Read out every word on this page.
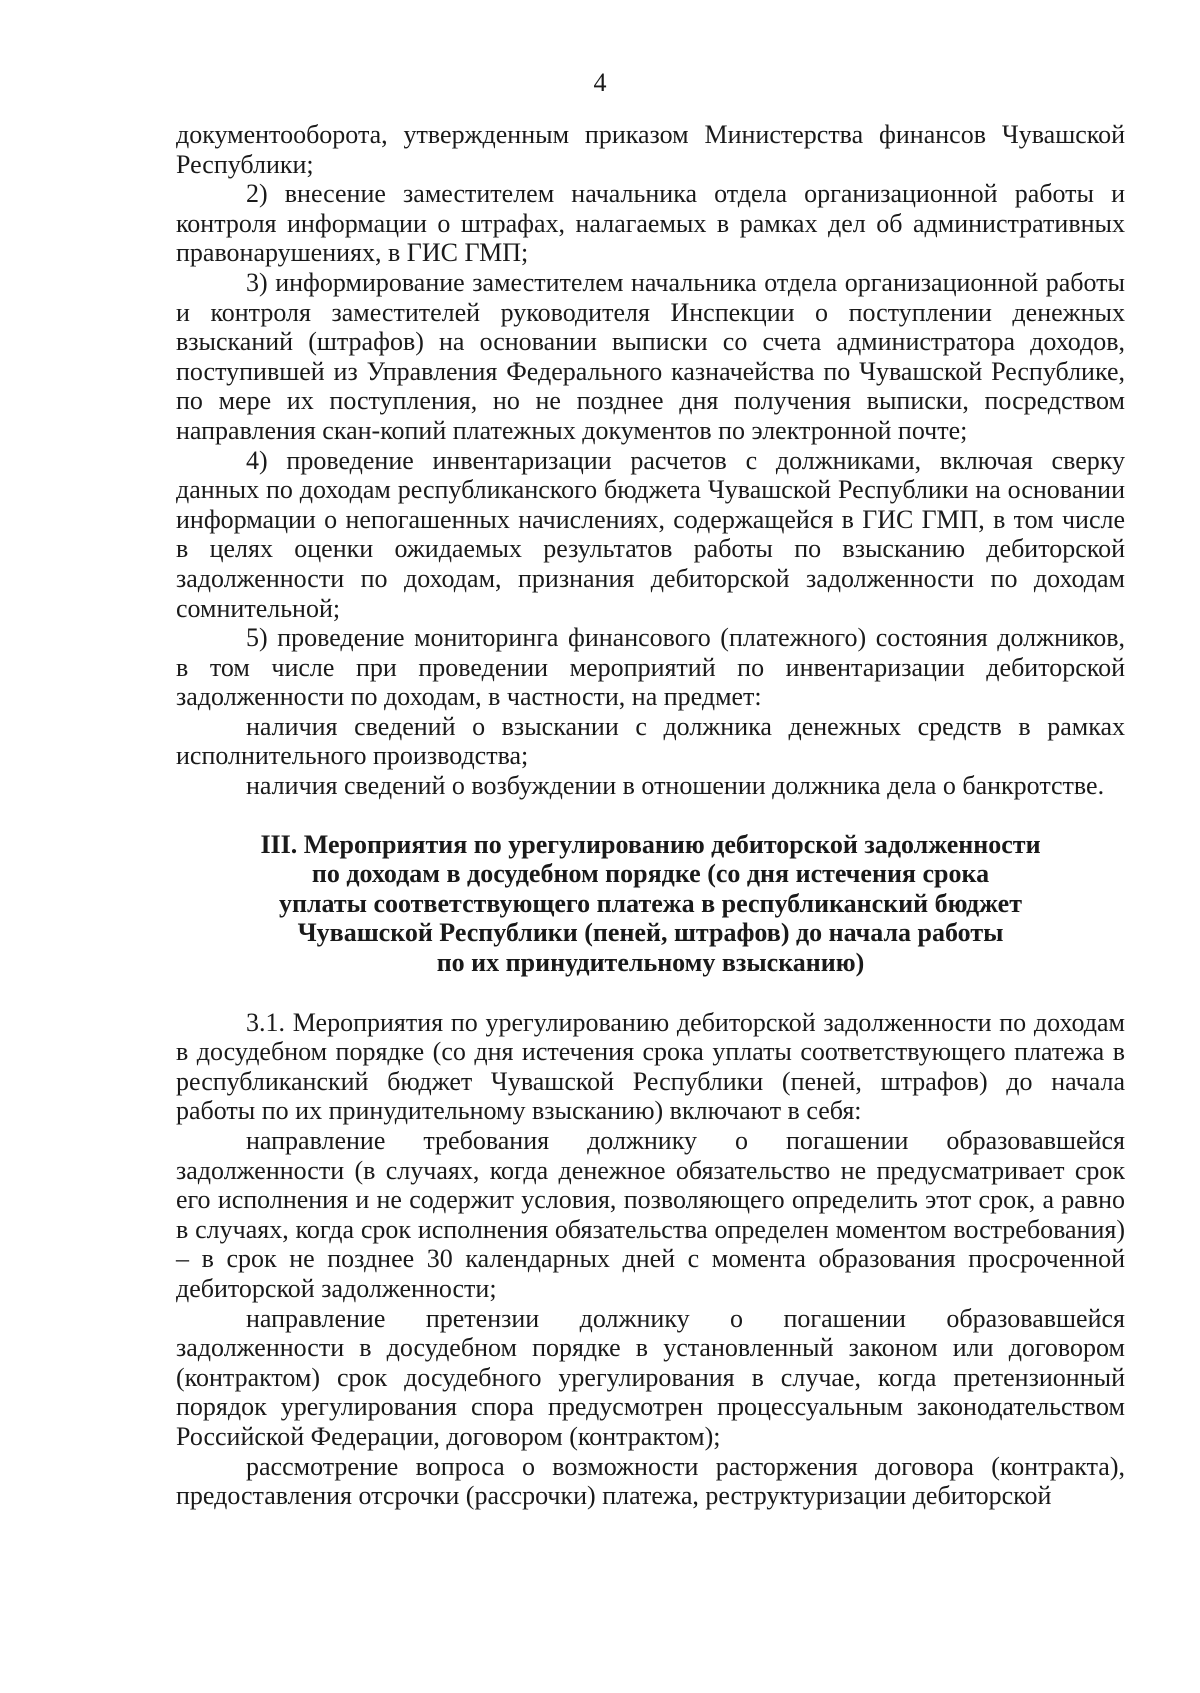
4

документооборота, утвержденным приказом Министерства финансов Чувашской Республики;

2) внесение заместителем начальника отдела организационной работы и контроля информации о штрафах, налагаемых в рамках дел об административных правонарушениях, в ГИС ГМП;

3) информирование заместителем начальника отдела организационной работы и контроля заместителей руководителя Инспекции о поступлении денежных взысканий (штрафов) на основании выписки со счета администратора доходов, поступившей из Управления Федерального казначейства по Чувашской Республике, по мере их поступления, но не позднее дня получения выписки, посредством направления скан-копий платежных документов по электронной почте;

4) проведение инвентаризации расчетов с должниками, включая сверку данных по доходам республиканского бюджета Чувашской Республики на основании информации о непогашенных начислениях, содержащейся в ГИС ГМП, в том числе в целях оценки ожидаемых результатов работы по взысканию дебиторской задолженности по доходам, признания дебиторской задолженности по доходам сомнительной;

5) проведение мониторинга финансового (платежного) состояния должников, в том числе при проведении мероприятий по инвентаризации дебиторской задолженности по доходам, в частности, на предмет:

наличия сведений о взыскании с должника денежных средств в рамках исполнительного производства;

наличия сведений о возбуждении в отношении должника дела о банкротстве.

III. Мероприятия по урегулированию дебиторской задолженности
по доходам в досудебном порядке (со дня истечения срока
уплаты соответствующего платежа в республиканский бюджет
Чувашской Республики (пеней, штрафов) до начала работы
по их принудительному взысканию)

3.1. Мероприятия по урегулированию дебиторской задолженности по доходам в досудебном порядке (со дня истечения срока уплаты соответствующего платежа в республиканский бюджет Чувашской Республики (пеней, штрафов) до начала работы по их принудительному взысканию) включают в себя:

направление требования должнику о погашении образовавшейся задолженности (в случаях, когда денежное обязательство не предусматривает срок его исполнения и не содержит условия, позволяющего определить этот срок, а равно в случаях, когда срок исполнения обязательства определен моментом востребования) – в срок не позднее 30 календарных дней с момента образования просроченной дебиторской задолженности;

направление претензии должнику о погашении образовавшейся задолженности в досудебном порядке в установленный законом или договором (контрактом) срок досудебного урегулирования в случае, когда претензионный порядок урегулирования спора предусмотрен процессуальным законодательством Российской Федерации, договором (контрактом);

рассмотрение вопроса о возможности расторжения договора (контракта), предоставления отсрочки (рассрочки) платежа, реструктуризации дебиторской
